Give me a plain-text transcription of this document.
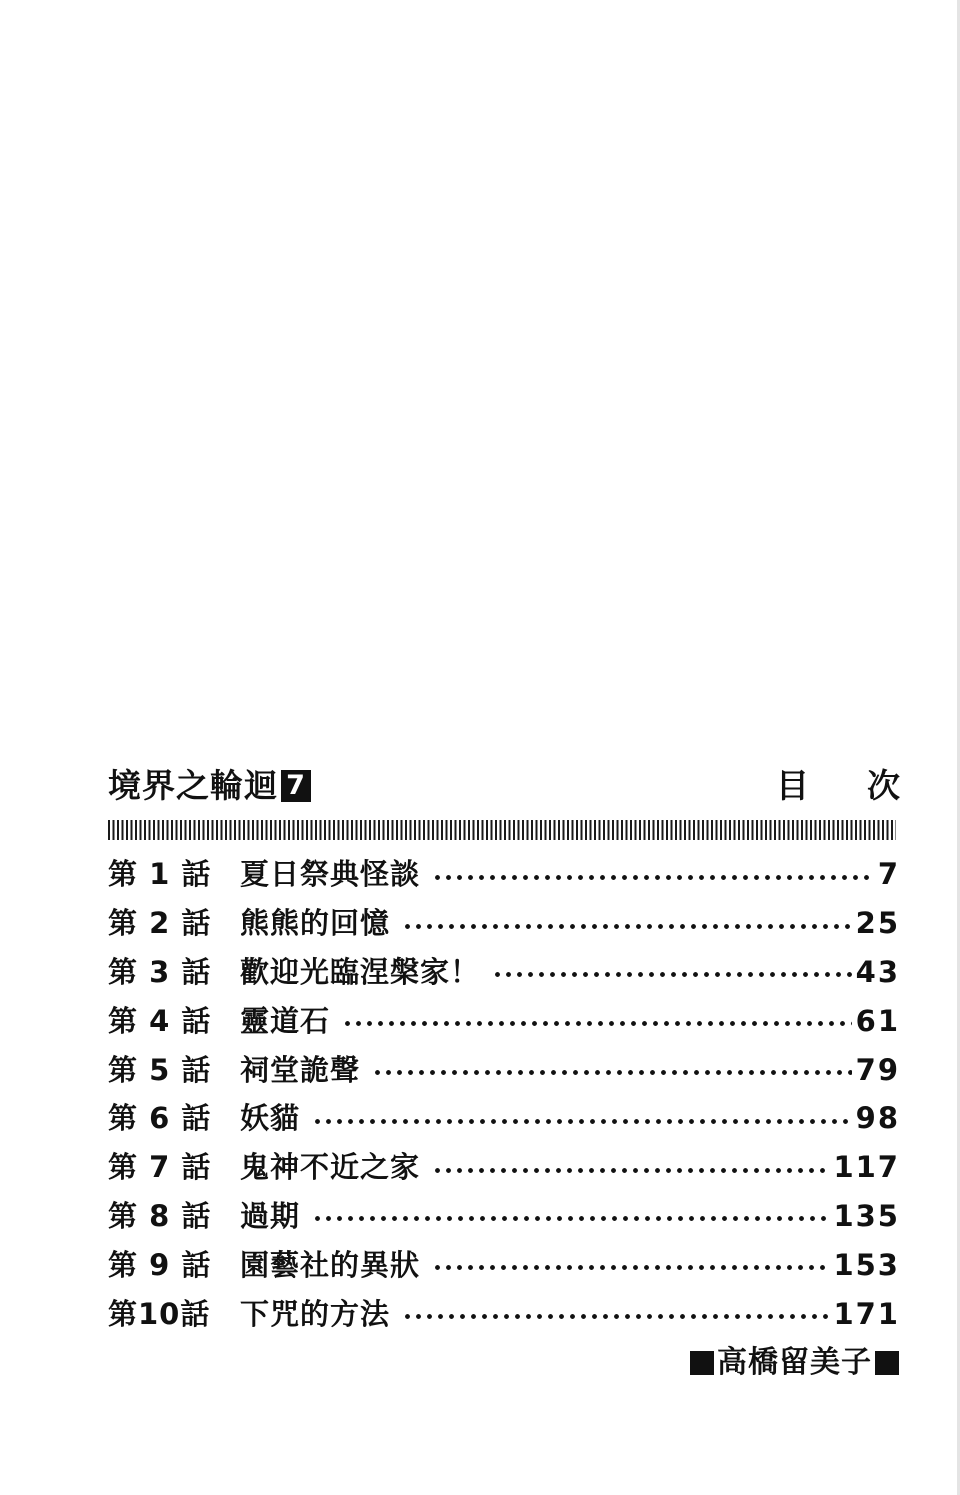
境界之輪迴 7	目次
第 1 話 夏日祭典怪談	7
第 2 話 熊熊的回憶	25
第 3 話 歡迎光臨涅槃家！	43
第 4 話 靈道石	61
第 5 話 祠堂詭聲	79
第 6 話 妖貓	98
第 7 話 鬼神不近之家	117
第 8 話 過期	135
第 9 話 園藝社的異狀	153
第10話	下咒的方法	171
高橋留美子
